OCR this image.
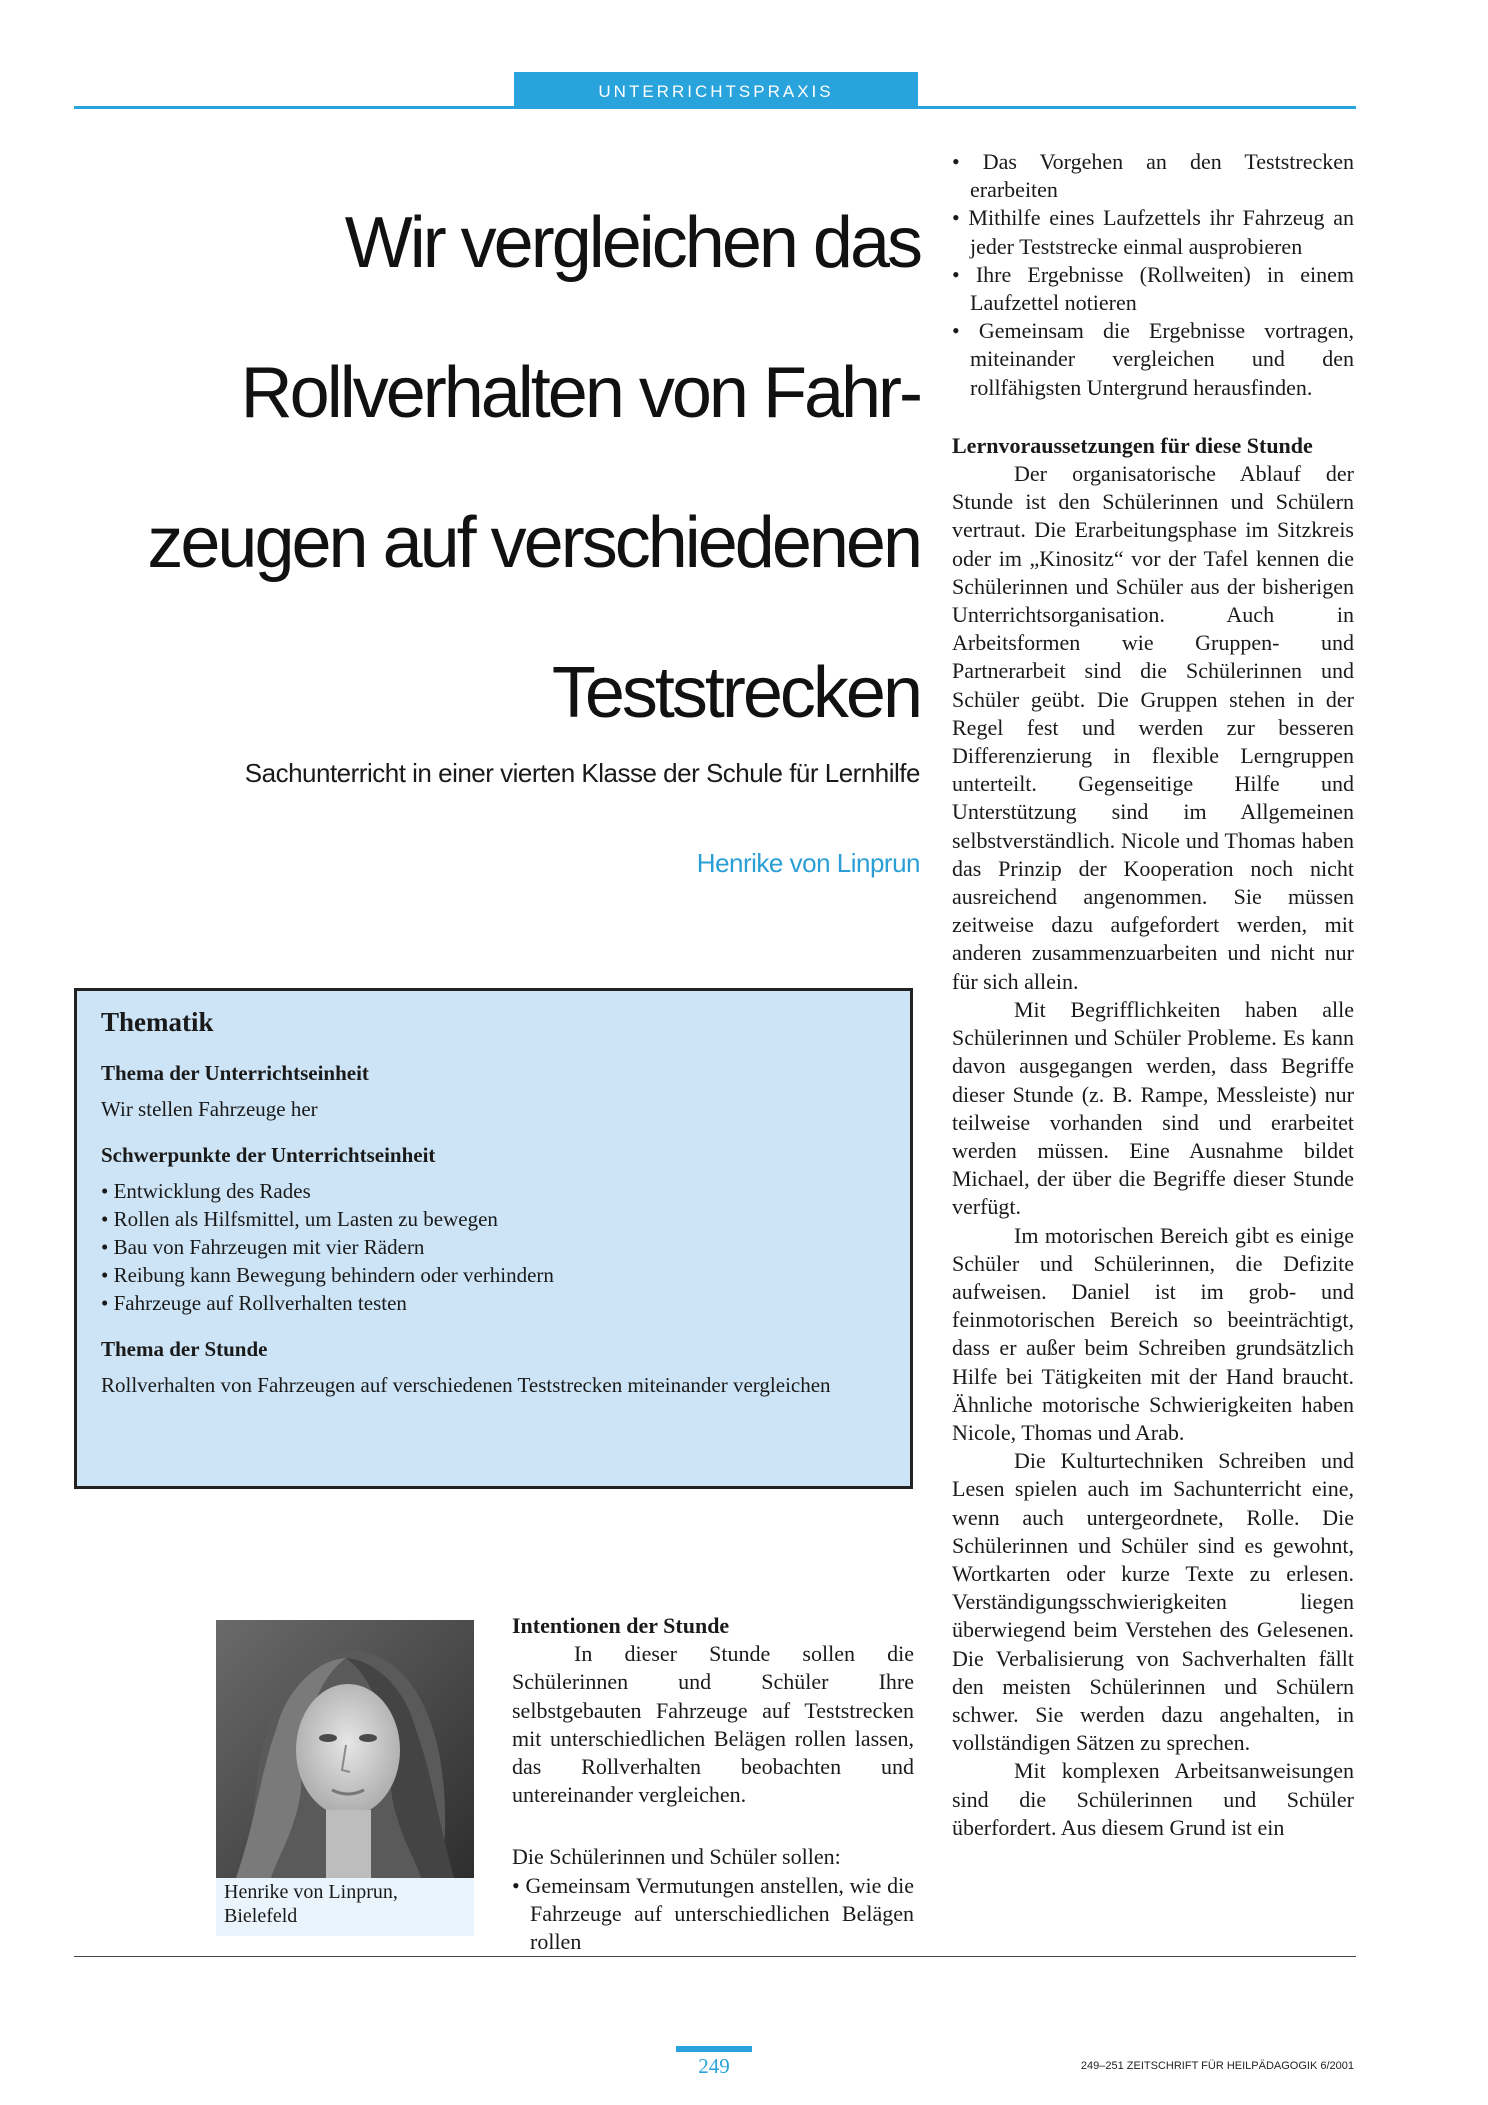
UNTERRICHTSPRAXIS
Wir vergleichen das
Rollverhalten von Fahr-
zeugen auf verschiedenen
Teststrecken
Sachunterricht in einer vierten Klasse der Schule für Lernhilfe
Henrike von Linprun
Thematik
Thema der Unterrichtseinheit

Wir stellen Fahrzeuge her

Schwerpunkte der Unterrichtseinheit
• Entwicklung des Rades
• Rollen als Hilfsmittel, um Lasten zu bewegen
• Bau von Fahrzeugen mit vier Rädern
• Reibung kann Bewegung behindern oder verhindern
• Fahrzeuge auf Rollverhalten testen
Thema der Stunde

Rollverhalten von Fahrzeugen auf verschiedenen Teststrecken miteinander vergleichen

Henrike von Linprun,
Bielefeld

Intentionen der Stunde

In dieser Stunde sollen die Schülerinnen und Schüler Ihre selbstgebauten Fahrzeuge auf Teststrecken mit unterschiedlichen Belägen rollen lassen, das Rollverhalten beobachten und untereinander vergleichen.

Die Schülerinnen und Schüler sollen:

• Gemeinsam Vermutungen anstellen, wie die Fahrzeuge auf unterschiedlichen Belägen rollen
• Das Vorgehen an den Teststrecken erarbeiten
• Mithilfe eines Laufzettels ihr Fahrzeug an jeder Teststrecke einmal ausprobieren
• Ihre Ergebnisse (Rollweiten) in einem Laufzettel notieren
• Gemeinsam die Ergebnisse vortragen, miteinander vergleichen und den rollfähigsten Untergrund herausfinden.

Lernvoraussetzungen für diese Stunde

Der organisatorische Ablauf der Stunde ist den Schülerinnen und Schülern vertraut. Die Erarbeitungsphase im Sitzkreis oder im „Kinositz“ vor der Tafel kennen die Schülerinnen und Schüler aus der bisherigen Unterrichtsorganisation. Auch in Arbeitsformen wie Gruppen- und Partnerarbeit sind die Schülerinnen und Schüler geübt. Die Gruppen stehen in der Regel fest und werden zur besseren Differenzierung in flexible Lerngruppen unterteilt. Gegenseitige Hilfe und Unterstützung sind im Allgemeinen selbstverständlich. Nicole und Thomas haben das Prinzip der Kooperation noch nicht ausreichend angenommen. Sie müssen zeitweise dazu aufgefordert werden, mit anderen zusammenzuarbeiten und nicht nur für sich allein.

Mit Begrifflichkeiten haben alle Schülerinnen und Schüler Probleme. Es kann davon ausgegangen werden, dass Begriffe dieser Stunde (z. B. Rampe, Messleiste) nur teilweise vorhanden sind und erarbeitet werden müssen. Eine Ausnahme bildet Michael, der über die Begriffe dieser Stunde verfügt.

Im motorischen Bereich gibt es einige Schüler und Schülerinnen, die Defizite aufweisen. Daniel ist im grob- und feinmotorischen Bereich so beeinträchtigt, dass er außer beim Schreiben grundsätzlich Hilfe bei Tätigkeiten mit der Hand braucht. Ähnliche motorische Schwierigkeiten haben Nicole, Thomas und Arab.

Die Kulturtechniken Schreiben und Lesen spielen auch im Sachunterricht eine, wenn auch untergeordnete, Rolle. Die Schülerinnen und Schüler sind es gewohnt, Wortkarten oder kurze Texte zu erlesen. Verständigungsschwierigkeiten liegen überwiegend beim Verstehen des Gelesenen. Die Verbalisierung von Sachverhalten fällt den meisten Schülerinnen und Schülern schwer. Sie werden dazu angehalten, in vollständigen Sätzen zu sprechen.

Mit komplexen Arbeitsanweisungen sind die Schülerinnen und Schüler überfordert. Aus diesem Grund ist ein

249	249–251 ZEITSCHRIFT FÜR HEILPÄDAGOGIK 6/2001
